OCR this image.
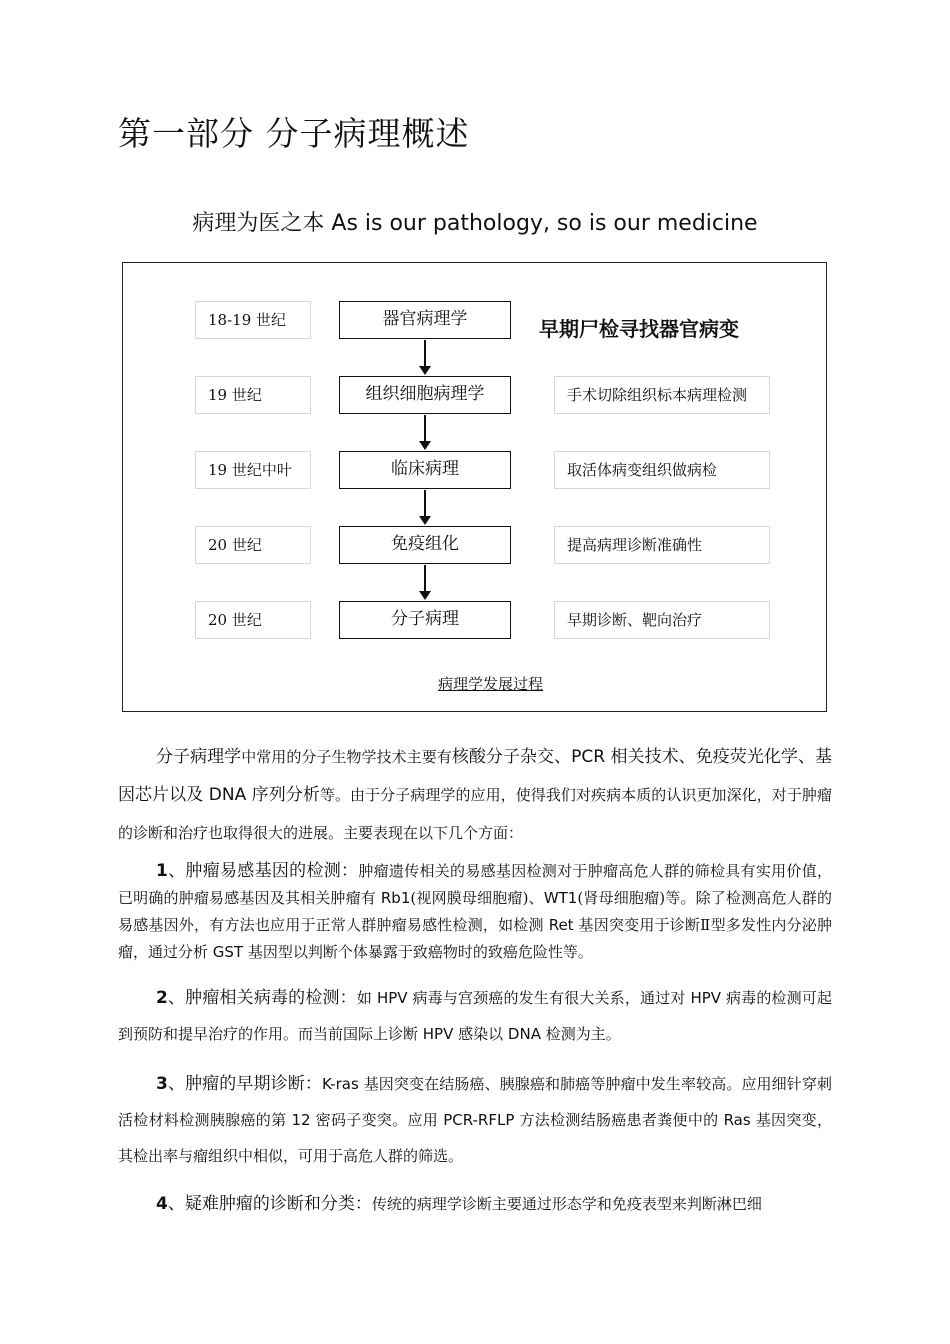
第一部分 分子病理概述
病理为医之本 As is our pathology, so is our medicine
18-19 世纪	器官病理学	早期尸检寻找器官病变
19 世纪	组织细胞病理学	手术切除组织标本病理检测
19 世纪中叶	临床病理	取活体病变组织做病检
20 世纪	免疫组化	提高病理诊断准确性
20 世纪	分子病理	早期诊断、靶向治疗
病理学发展过程

分子病理学中常用的分子生物学技术主要有核酸分子杂交、PCR 相关技术、免疫荧光化学、基因芯片以及 DNA 序列分析等。由于分子病理学的应用，使得我们对疾病本质的认识更加深化，对于肿瘤的诊断和治疗也取得很大的进展。主要表现在以下几个方面：

1、肿瘤易感基因的检测：肿瘤遗传相关的易感基因检测对于肿瘤高危人群的筛检具有实用价值，已明确的肿瘤易感基因及其相关肿瘤有 Rb1(视网膜母细胞瘤)、WT1(肾母细胞瘤)等。除了检测高危人群的易感基因外，有方法也应用于正常人群肿瘤易感性检测，如检测 Ret 基因突变用于诊断Ⅱ型多发性内分泌肿瘤，通过分析 GST 基因型以判断个体暴露于致癌物时的致癌危险性等。

2、肿瘤相关病毒的检测：如 HPV 病毒与宫颈癌的发生有很大关系，通过对 HPV 病毒的检测可起到预防和提早治疗的作用。而当前国际上诊断 HPV 感染以 DNA 检测为主。

3、肿瘤的早期诊断：K-ras 基因突变在结肠癌、胰腺癌和肺癌等肿瘤中发生率较高。应用细针穿刺活检材料检测胰腺癌的第 12 密码子变突。应用 PCR-RFLP 方法检测结肠癌患者粪便中的 Ras 基因突变，其检出率与瘤组织中相似，可用于高危人群的筛选。

4、疑难肿瘤的诊断和分类：传统的病理学诊断主要通过形态学和免疫表型来判断淋巴细
